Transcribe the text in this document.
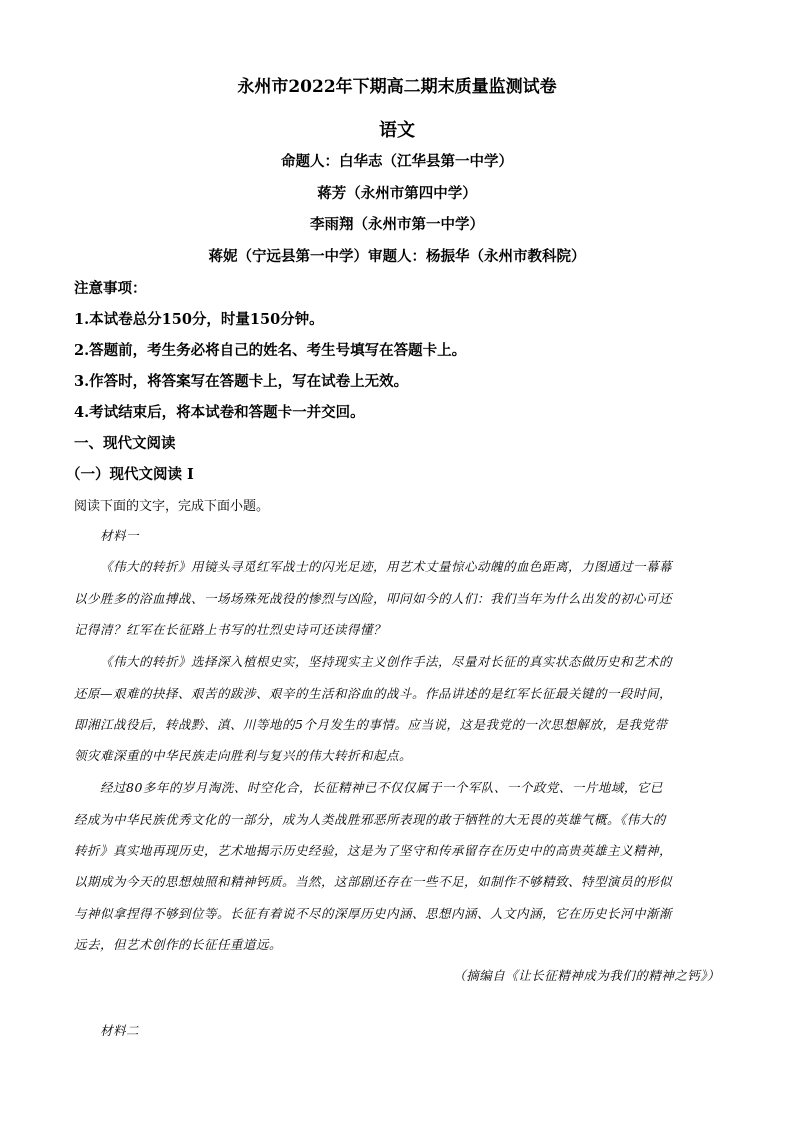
永州市2022年下期高二期末质量监测试卷
语文
命题人：白华志（江华县第一中学）
蒋芳（永州市第四中学）
李雨翔（永州市第一中学）
蒋妮（宁远县第一中学）审题人：杨振华（永州市教科院）
注意事项：
1.本试卷总分150分，时量150分钟。
2.答题前，考生务必将自己的姓名、考生号填写在答题卡上。
3.作答时，将答案写在答题卡上，写在试卷上无效。
4.考试结束后，将本试卷和答题卡一并交回。
一、现代文阅读
（一）现代文阅读 I
阅读下面的文字，完成下面小题。
材料一
《伟大的转折》用镜头寻觅红军战士的闪光足迹，用艺术丈量惊心动魄的血色距离，力图通过一幕幕
以少胜多的浴血搏战、一场场殊死战役的惨烈与凶险，叩问如今的人们：我们当年为什么出发的初心可还
记得清？红军在长征路上书写的壮烈史诗可还读得懂？
《伟大的转折》选择深入植根史实，坚持现实主义创作手法，尽量对长征的真实状态做历史和艺术的
还原—艰难的抉择、艰苦的跋涉、艰辛的生活和浴血的战斗。作品讲述的是红军长征最关键的一段时间，
即湘江战役后，转战黔、滇、川等地的5个月发生的事情。应当说，这是我党的一次思想解放，是我党带
领灾难深重的中华民族走向胜利与复兴的伟大转折和起点。
经过80多年的岁月淘洗、时空化合，长征精神已不仅仅属于一个军队、一个政党、一片地域，它已
经成为中华民族优秀文化的一部分，成为人类战胜邪恶所表现的敢于牺牲的大无畏的英雄气概。《伟大的
转折》真实地再现历史，艺术地揭示历史经验，这是为了坚守和传承留存在历史中的高贵英雄主义精神，
以期成为今天的思想烛照和精神钙质。当然，这部剧还存在一些不足，如制作不够精致、特型演员的形似
与神似拿捏得不够到位等。长征有着说不尽的深厚历史内涵、思想内涵、人文内涵，它在历史长河中渐渐
远去，但艺术创作的长征任重道远。
（摘编自《让长征精神成为我们的精神之钙》）
材料二
